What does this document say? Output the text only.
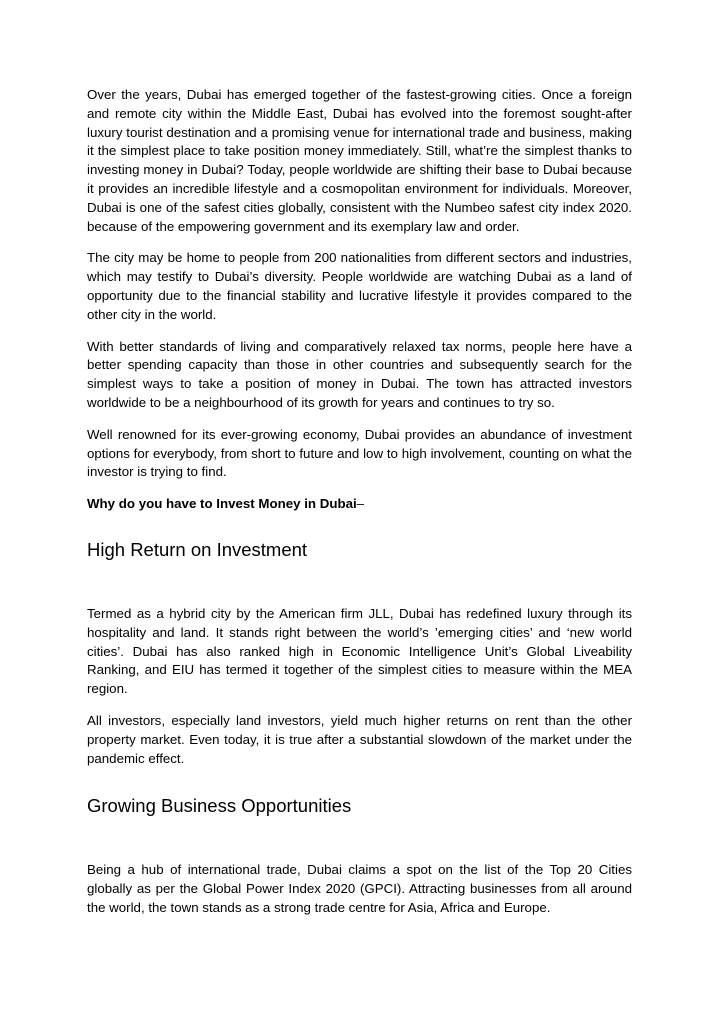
Over the years, Dubai has emerged together of the fastest-growing cities. Once a foreign and remote city within the Middle East, Dubai has evolved into the foremost sought-after luxury tourist destination and a promising venue for international trade and business, making it the simplest place to take position money immediately. Still, what’re the simplest thanks to investing money in Dubai? Today, people worldwide are shifting their base to Dubai because it provides an incredible lifestyle and a cosmopolitan environment for individuals. Moreover, Dubai is one of the safest cities globally, consistent with the Numbeo safest city index 2020. because of the empowering government and its exemplary law and order.

The city may be home to people from 200 nationalities from different sectors and industries, which may testify to Dubai’s diversity. People worldwide are watching Dubai as a land of opportunity due to the financial stability and lucrative lifestyle it provides compared to the other city in the world.

With better standards of living and comparatively relaxed tax norms, people here have a better spending capacity than those in other countries and subsequently search for the simplest ways to take a position of money in Dubai. The town has attracted investors worldwide to be a neighbourhood of its growth for years and continues to try so.

Well renowned for its ever-growing economy, Dubai provides an abundance of investment options for everybody, from short to future and low to high involvement, counting on what the investor is trying to find.

Why do you have to Invest Money in Dubai–

High Return on Investment

Termed as a hybrid city by the American firm JLL, Dubai has redefined luxury through its hospitality and land. It stands right between the world’s ’emerging cities’ and ‘new world cities’. Dubai has also ranked high in Economic Intelligence Unit’s Global Liveability Ranking, and EIU has termed it together of the simplest cities to measure within the MEA region.

All investors, especially land investors, yield much higher returns on rent than the other property market. Even today, it is true after a substantial slowdown of the market under the pandemic effect.

Growing Business Opportunities

Being a hub of international trade, Dubai claims a spot on the list of the Top 20 Cities globally as per the Global Power Index 2020 (GPCI). Attracting businesses from all around the world, the town stands as a strong trade centre for Asia, Africa and Europe.
